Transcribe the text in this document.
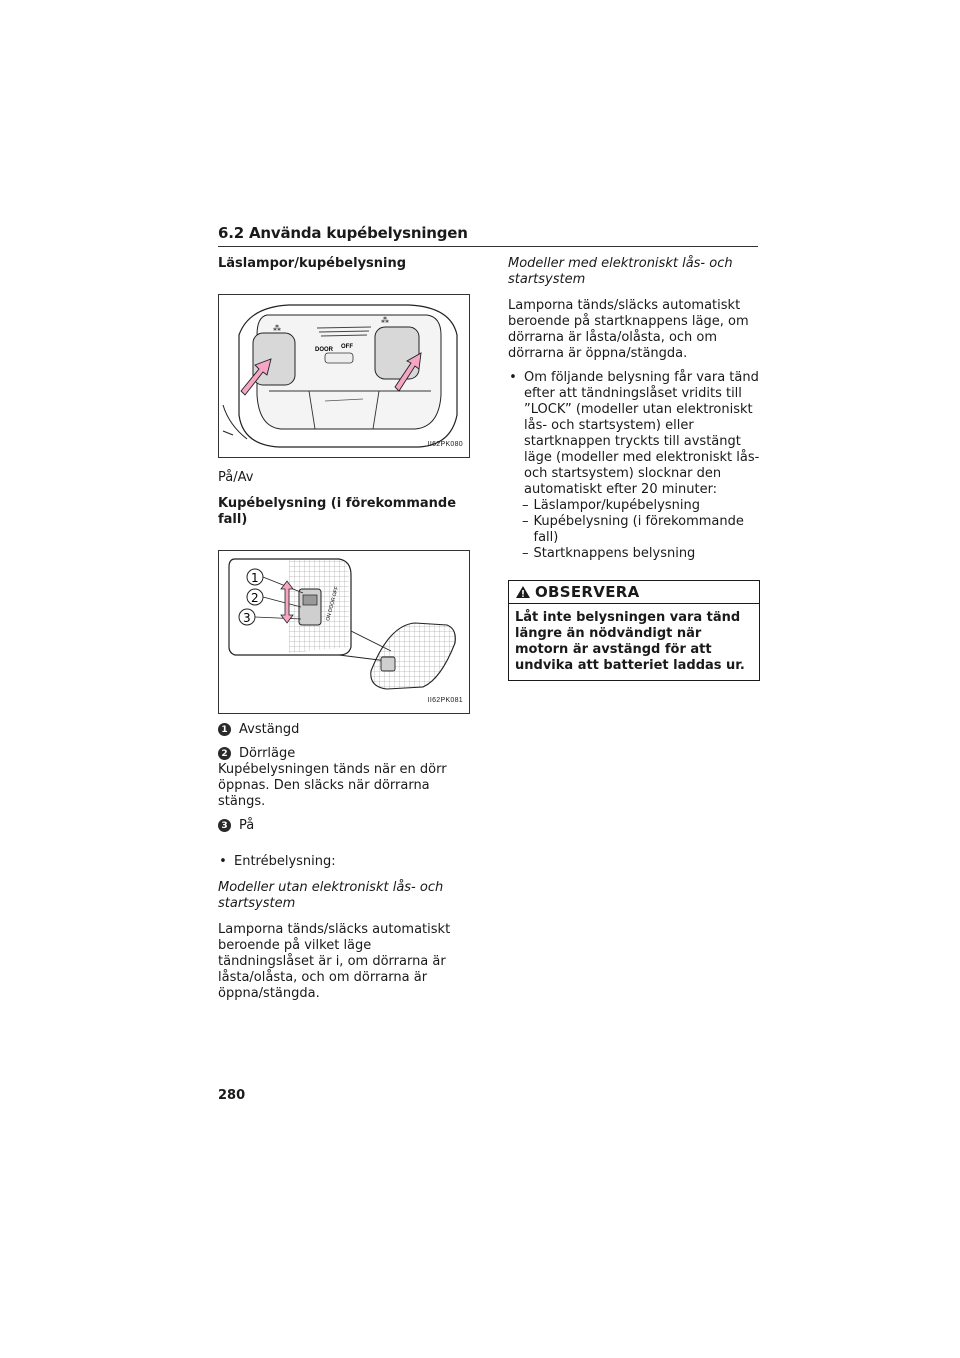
6.2 Använda kupébelysningen

Läslampor/kupébelysning

⁂
⁂
DOOR OFF
II62PK080

På/Av

Kupébelysning (i förekommande fall)

ON DOOR OFF
1
2
3
II62PK081
1 Avstängd
2 Dörrläge

Kupébelysningen tänds när en dörr öppnas. Den släcks när dörrarna stängs.

3 På
• Entrébelysning:

Modeller utan elektroniskt lås- och startsystem

Lamporna tänds/släcks automatiskt beroende på vilket läge tändningslåset är i, om dörrarna är låsta/olåsta, och om dörrarna är öppna/stängda.

Modeller med elektroniskt lås- och startsystem

Lamporna tänds/släcks automatiskt beroende på startknappens läge, om dörrarna är låsta/olåsta, och om dörrarna är öppna/stängda.

• Om följande belysning får vara tänd efter att tändningslåset vridits till ”LOCK” (modeller utan elektroniskt lås- och startsystem) eller startknappen tryckts till avstängt läge (modeller med elektroniskt lås- och startsystem) slocknar den automatiskt efter 20 minuter:
– Läslampor/kupébelysning
– Kupébelysning (i förekommande fall)
– Startknappens belysning
OBSERVERA
Låt inte belysningen vara tänd längre än nödvändigt när motorn är avstängd för att undvika att batteriet laddas ur.
280
